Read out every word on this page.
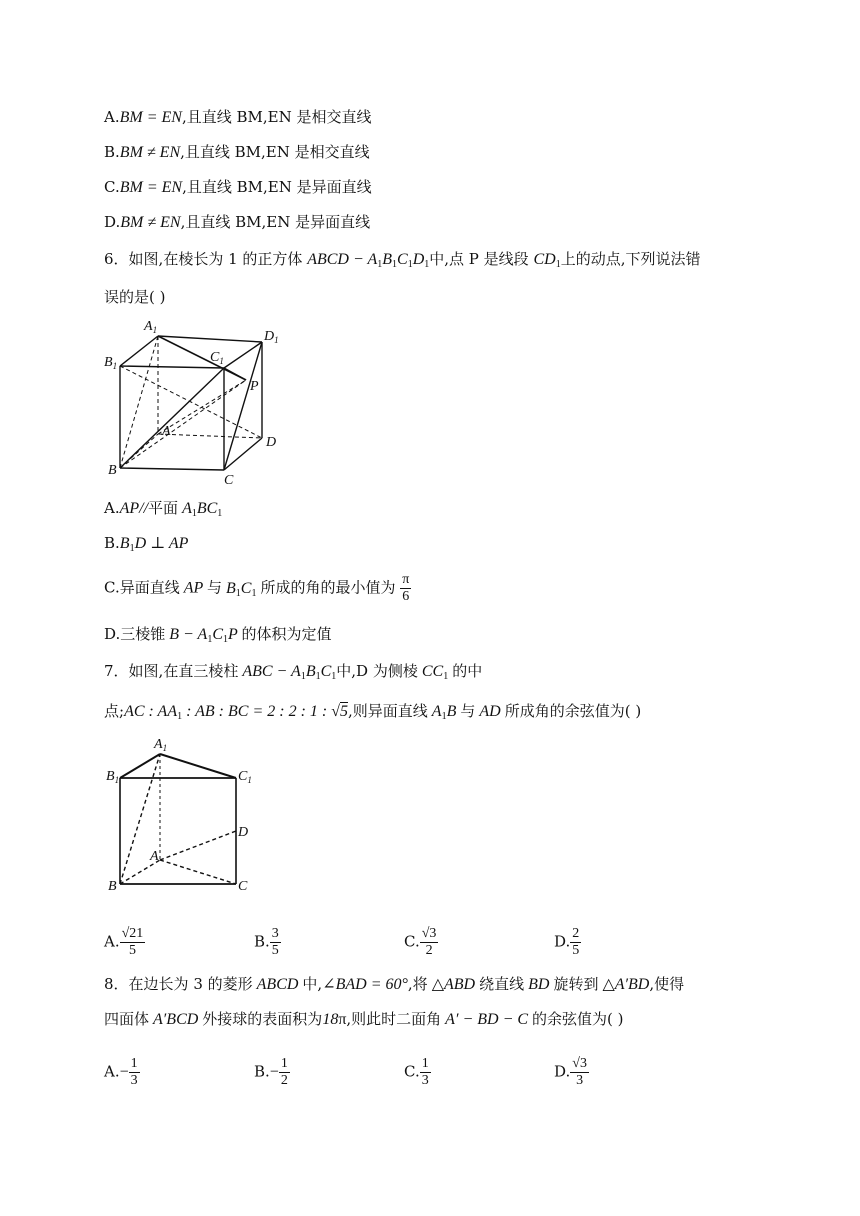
A.BM = EN,且直线 BM,EN 是相交直线
B.BM ≠ EN,且直线 BM,EN 是相交直线
C.BM = EN,且直线 BM,EN 是异面直线
D.BM ≠ EN,且直线 BM,EN 是异面直线
6．如图,在棱长为 1 的正方体 ABCD − $A_1B_1C_1D_1$中,点 P 是线段 $CD_1$上的动点,下列说法错
误的是( )
$A_1$	$D_1$
$B_1$
$C_1$
P
A
D
B
C
A.AP//平面 $A_1BC_1$
$B.B_1D$ ⊥ AP
C.异面直线 AP 与 $B_1C_1$ 所成的角的最小值为 $\frac{\pi}{6}$
D.三棱锥 $B - A_1C_1P$ 的体积为定值
7．如图,在直三棱柱 ABC − $A_1B_1C_1$中,D 为侧棱 $CC_1$ 的中
点;AC : $AA_1$ : AB : BC = 2 : 2 : 1 : √5,则异面直线 $A_1B$ 与 AD 所成角的余弦值为( )
$A_1$
$B_1$	$C_1$
D
A
B	C
A. $\frac{√21}{5}$	B. $\frac{3}{5}$	C. $\frac{√3}{2}$	D. $\frac{2}{5}$
8．在边长为 3 的菱形 ABCD 中,∠BAD = 60°,将 △ABD 绕直线 BD 旋转到 △A′BD,使得
四面体 A′BCD 外接球的表面积为18π,则此时二面角 A′ − BD − C 的余弦值为( )
$A.- \frac{1}{3}$	$B.- \frac{1}{2}$	C. $\frac{1}{3}$	D. $\frac{√3}{3}$
